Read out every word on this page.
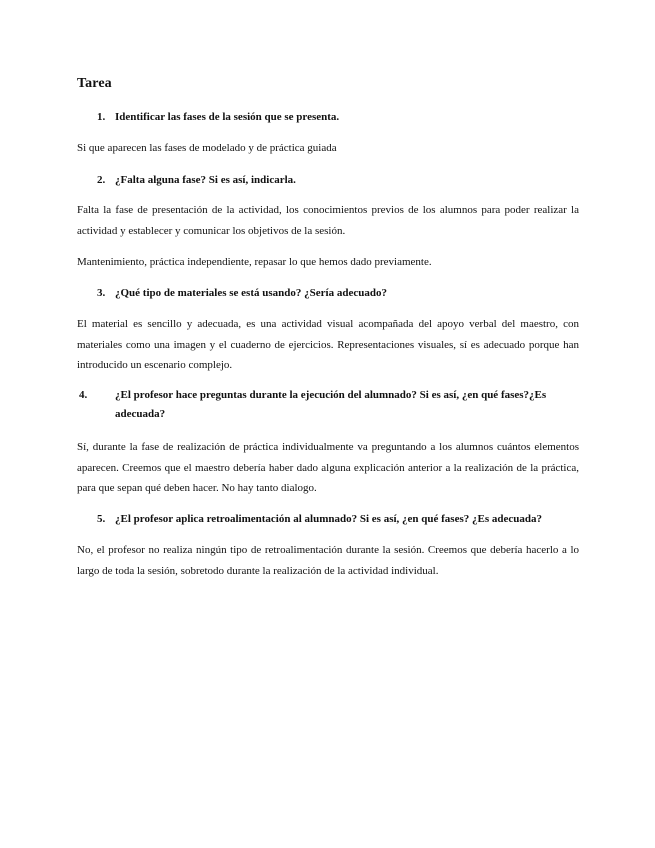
Tarea
1. Identificar las fases de la sesión que se presenta.
Si que aparecen las fases de modelado y de práctica guiada
2. ¿Falta alguna fase? Si es así, indicarla.
Falta la fase de presentación de la actividad, los conocimientos previos de los alumnos para poder realizar la actividad y establecer y comunicar los objetivos de la sesión.
Mantenimiento, práctica independiente, repasar lo que hemos dado previamente.
3. ¿Qué tipo de materiales se está usando? ¿Sería adecuado?
El material es sencillo y adecuada, es una actividad visual acompañada del apoyo verbal del maestro, con materiales como una imagen y el cuaderno de ejercicios. Representaciones visuales, sí es adecuado porque han introducido un escenario complejo.
4.	¿El profesor hace preguntas durante la ejecución del alumnado? Si es así, ¿en qué fases?¿Es adecuada?
Sí, durante la fase de realización de práctica individualmente va preguntando a los alumnos cuántos elementos aparecen. Creemos que el maestro debería haber dado alguna explicación anterior a la realización de la práctica, para que sepan qué deben hacer. No hay tanto dialogo.
5. ¿El profesor aplica retroalimentación al alumnado? Si es así, ¿en qué fases? ¿Es adecuada?
No, el profesor no realiza ningún tipo de retroalimentación durante la sesión. Creemos que debería hacerlo a lo largo de toda la sesión, sobretodo durante la realización de la actividad individual.
